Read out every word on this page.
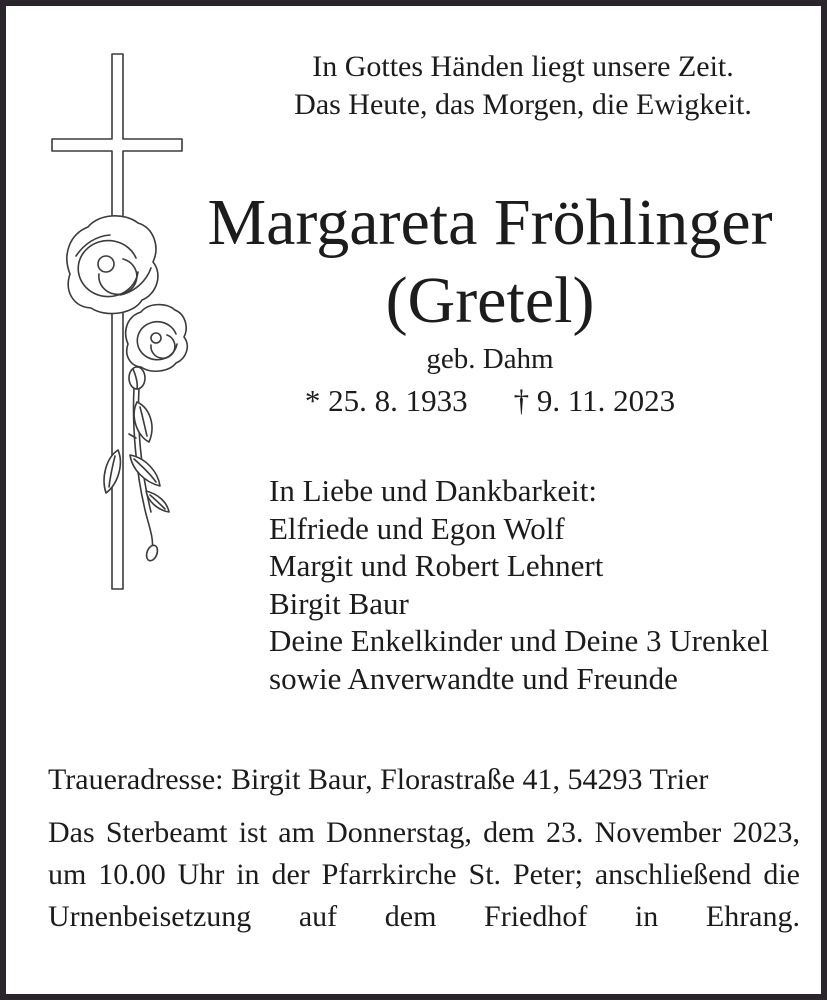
In Gottes Händen liegt unsere Zeit.
Das Heute, das Morgen, die Ewigkeit.
Margareta Fröhlinger
(Gretel)
geb. Dahm
* 25. 8. 1933 † 9. 11. 2023
In Liebe und Dankbarkeit:
Elfriede und Egon Wolf
Margit und Robert Lehnert
Birgit Baur
Deine Enkelkinder und Deine 3 Urenkel
sowie Anverwandte und Freunde
Traueradresse: Birgit Baur, Florastraße 41, 54293 Trier
Das Sterbeamt ist am Donnerstag, dem 23. November 2023, um 10.00 Uhr in der Pfarrkirche St. Peter; anschließend die Urnenbeisetzung auf dem Friedhof in Ehrang.
